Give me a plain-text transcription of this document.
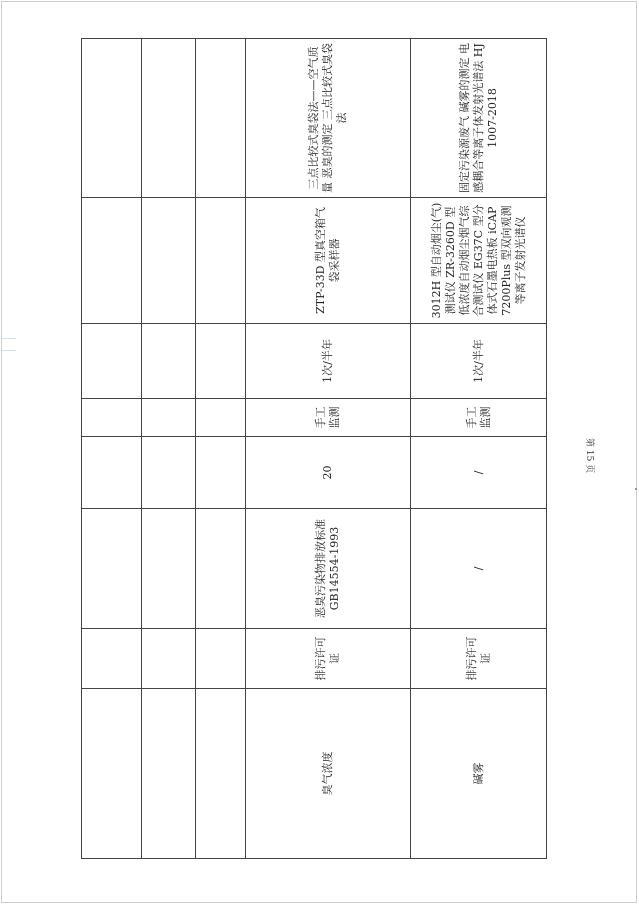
臭气浓度	排污许可证	恶臭污染物排放标准 GB14554-1993	20	手工监测	1次/半年	ZTP-33D 型真空箱气袋采样器	三点比较式臭袋法——空气质量 恶臭的测定 三点比较式臭袋法
碱雾	排污许可证	/	/	手工监测	1次/半年	3012H 型自动烟尘(气)测试仪 ZR-3260D 型低浓度自动烟尘烟气综合测试仪 EG37C 型分体式石墨电热板 iCAP 7200Plus 型双向观测等离子发射光谱仪	固定污染源废气 碱雾的测定 电感耦合等离子体发射光谱法 HJ 1007-2018
第 15 页
